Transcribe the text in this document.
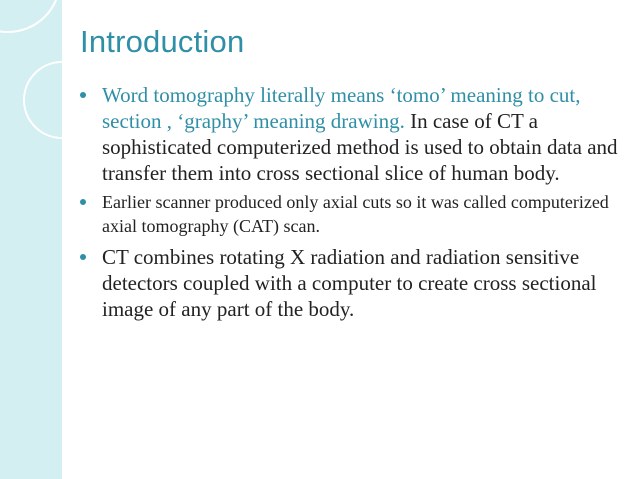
Introduction
Word tomography literally means ‘tomo’ meaning to cut, section , ‘graphy’ meaning drawing. In case of CT a sophisticated computerized method is used to obtain data and transfer them into cross sectional slice of human body.
Earlier scanner produced only axial cuts so it was called computerized axial tomography (CAT) scan.
CT combines rotating X radiation and radiation sensitive detectors coupled with a computer to create cross sectional image of any part of the body.
